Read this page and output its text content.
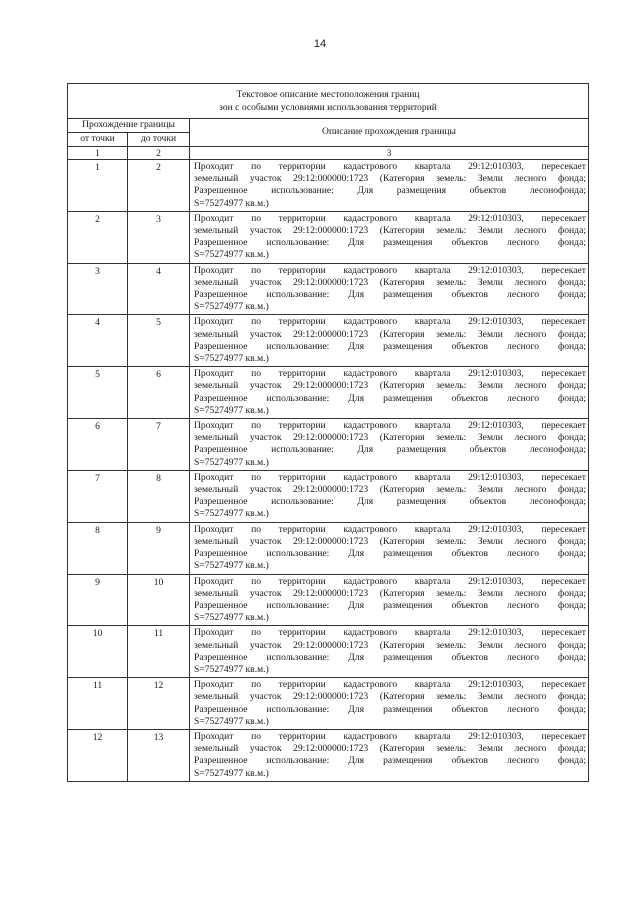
14
Текстовое описание местоположения границ
зон с особыми условиями использования территорий		
Прохождение границы		Описание прохождения границы
от точки	до точки	
1	2	3
1	2	Проходит по территории кадастрового квартала 29:12:010303, пересекает
земельный участок 29:12:000000:1723 (Категория земель: Земли лесного фонда;
Разрешенное использование: Для размещения объектов лесонофонда;
S=75274977 кв.м.)

2	3	Проходит по территории кадастрового квартала 29:12:010303, пересекает
земельный участок 29:12:000000:1723 (Категория земель: Земли лесного фонда;
Разрешенное использование: Для размещения объектов лесного фонда;
S=75274977 кв.м.)

3	4	Проходит по территории кадастрового квартала 29:12:010303, пересекает
земельный участок 29:12:000000:1723 (Категория земель: Земли лесного фонда;
Разрешенное использование: Для размещения объектов лесного фонда;
S=75274977 кв.м.)

4	5	Проходит по территории кадастрового квартала 29:12:010303, пересекает
земельный участок 29:12:000000:1723 (Категория земель: Земли лесного фонда;
Разрешенное использование: Для размещения объектов лесного фонда;
S=75274977 кв.м.)

5	6	Проходит по территории кадастрового квартала 29:12:010303, пересекает
земельный участок 29:12:000000:1723 (Категория земель: Земли лесного фонда;
Разрешенное использование: Для размещения объектов лесного фонда;
S=75274977 кв.м.)

6	7	Проходит по территории кадастрового квартала 29:12:010303, пересекает
земельный участок 29:12:000000:1723 (Категория земель: Земли лесного фонда;
Разрешенное использование: Для размещения объектов лесонофонда;
S=75274977 кв.м.)

7	8	Проходит по территории кадастрового квартала 29:12:010303, пересекает
земельный участок 29:12:000000:1723 (Категория земель: Земли лесного фонда;
Разрешенное использование: Для размещения объектов лесонофонда;
S=75274977 кв.м.)

8	9	Проходит по территории кадастрового квартала 29:12:010303, пересекает
земельный участок 29:12:000000:1723 (Категория земель: Земли лесного фонда;
Разрешенное использование: Для размещения объектов лесного фонда;
S=75274977 кв.м.)

9	10	Проходит по территории кадастрового квартала 29:12:010303, пересекает
земельный участок 29:12:000000:1723 (Категория земель: Земли лесного фонда;
Разрешенное использование: Для размещения объектов лесного фонда;
S=75274977 кв.м.)

10	11	Проходит по территории кадастрового квартала 29:12:010303, пересекает
земельный участок 29:12:000000:1723 (Категория земель: Земли лесного фонда;
Разрешенное использование: Для размещения объектов лесного фонда;
S=75274977 кв.м.)

11	12	Проходит по территории кадастрового квартала 29:12:010303, пересекает
земельный участок 29:12:000000:1723 (Категория земель: Земли лесного фонда;
Разрешенное использование: Для размещения объектов лесного фонда;
S=75274977 кв.м.)

12	13	Проходит по территории кадастрового квартала 29:12:010303, пересекает
земельный участок 29:12:000000:1723 (Категория земель: Земли лесного фонда;
Разрешенное использование: Для размещения объектов лесного фонда;
S=75274977 кв.м.)
